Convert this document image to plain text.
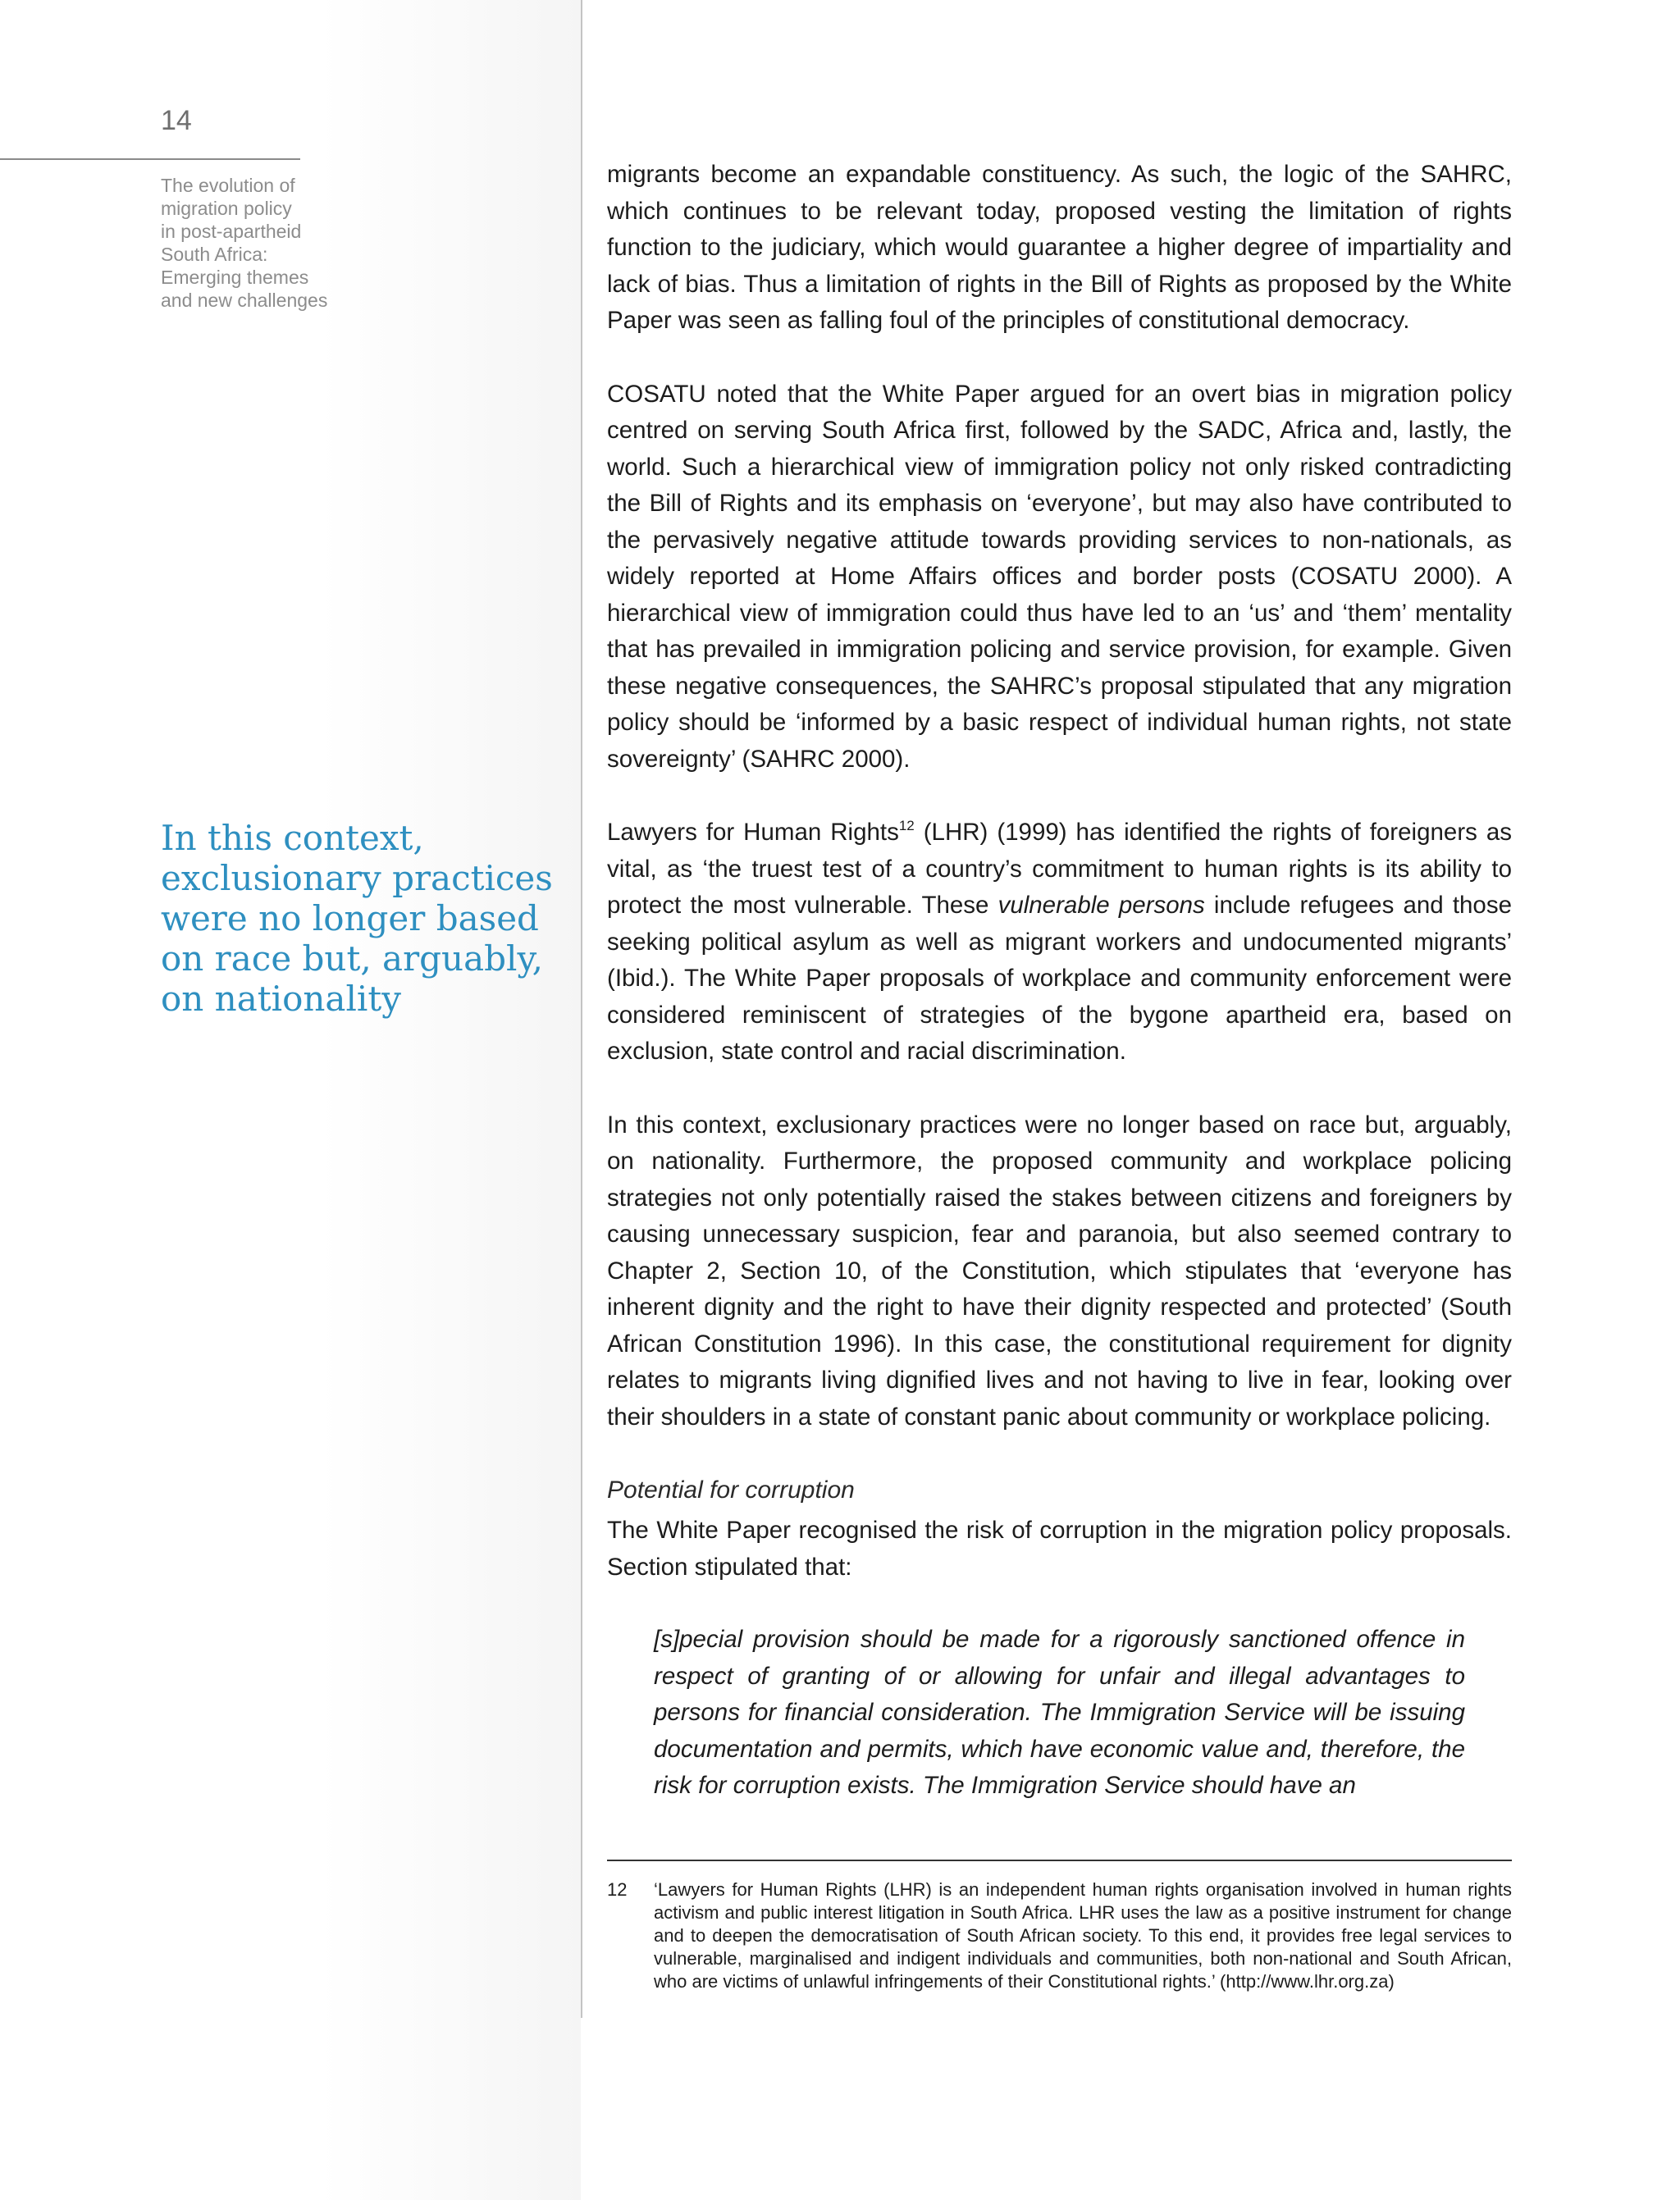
14
The evolution of
migration policy
in post-apartheid
South Africa:
Emerging themes
and new challenges
In this context,
exclusionary practices
were no longer based
on race but, arguably,
on nationality

migrants become an expandable constituency. As such, the logic of the SAHRC, which continues to be relevant today, proposed vesting the limitation of rights function to the judiciary, which would guarantee a higher degree of impartiality and lack of bias. Thus a limitation of rights in the Bill of Rights as proposed by the White Paper was seen as falling foul of the principles of constitutional democracy.

COSATU noted that the White Paper argued for an overt bias in migration policy centred on serving South Africa first, followed by the SADC, Africa and, lastly, the world. Such a hierarchical view of immigration policy not only risked contradicting the Bill of Rights and its emphasis on ‘everyone’, but may also have contributed to the pervasively negative attitude towards providing services to non-nationals, as widely reported at Home Affairs offices and border posts (COSATU 2000). A hierarchical view of immigration could thus have led to an ‘us’ and ‘them’ mentality that has prevailed in immigration policing and service provision, for example. Given these negative consequences, the SAHRC’s proposal stipulated that any migration policy should be ‘informed by a basic respect of individual human rights, not state sovereignty’ (SAHRC 2000).

Lawyers for Human Rights$^{12}$ (LHR) (1999) has identified the rights of foreigners as vital, as ‘the truest test of a country’s commitment to human rights is its ability to protect the most vulnerable. These vulnerable persons include refugees and those seeking political asylum as well as migrant workers and undocumented migrants’ (Ibid.). The White Paper proposals of workplace and community enforcement were considered reminiscent of strategies of the bygone apartheid era, based on exclusion, state control and racial discrimination.

In this context, exclusionary practices were no longer based on race but, arguably, on nationality. Furthermore, the proposed community and workplace policing strategies not only potentially raised the stakes between citizens and foreigners by causing unnecessary suspicion, fear and paranoia, but also seemed contrary to Chapter 2, Section 10, of the Constitution, which stipulates that ‘everyone has inherent dignity and the right to have their dignity respected and protected’ (South African Constitution 1996). In this case, the constitutional requirement for dignity relates to migrants living dignified lives and not having to live in fear, looking over their shoulders in a state of constant panic about community or workplace policing.

Potential for corruption

The White Paper recognised the risk of corruption in the migration policy proposals. Section stipulated that:

[s]pecial provision should be made for a rigorously sanctioned offence in respect of granting of or allowing for unfair and illegal advantages to persons for financial consideration. The Immigration Service will be issuing documentation and permits, which have economic value and, therefore, the risk for corruption exists. The Immigration Service should have an

12 ‘Lawyers for Human Rights (LHR) is an independent human rights organisation involved in human rights activism and public interest litigation in South Africa. LHR uses the law as a positive instrument for change and to deepen the democratisation of South African society. To this end, it provides free legal services to vulnerable, marginalised and indigent individuals and communities, both non-national and South African, who are victims of unlawful infringements of their Constitutional rights.’ (http://www.lhr.org.za)
